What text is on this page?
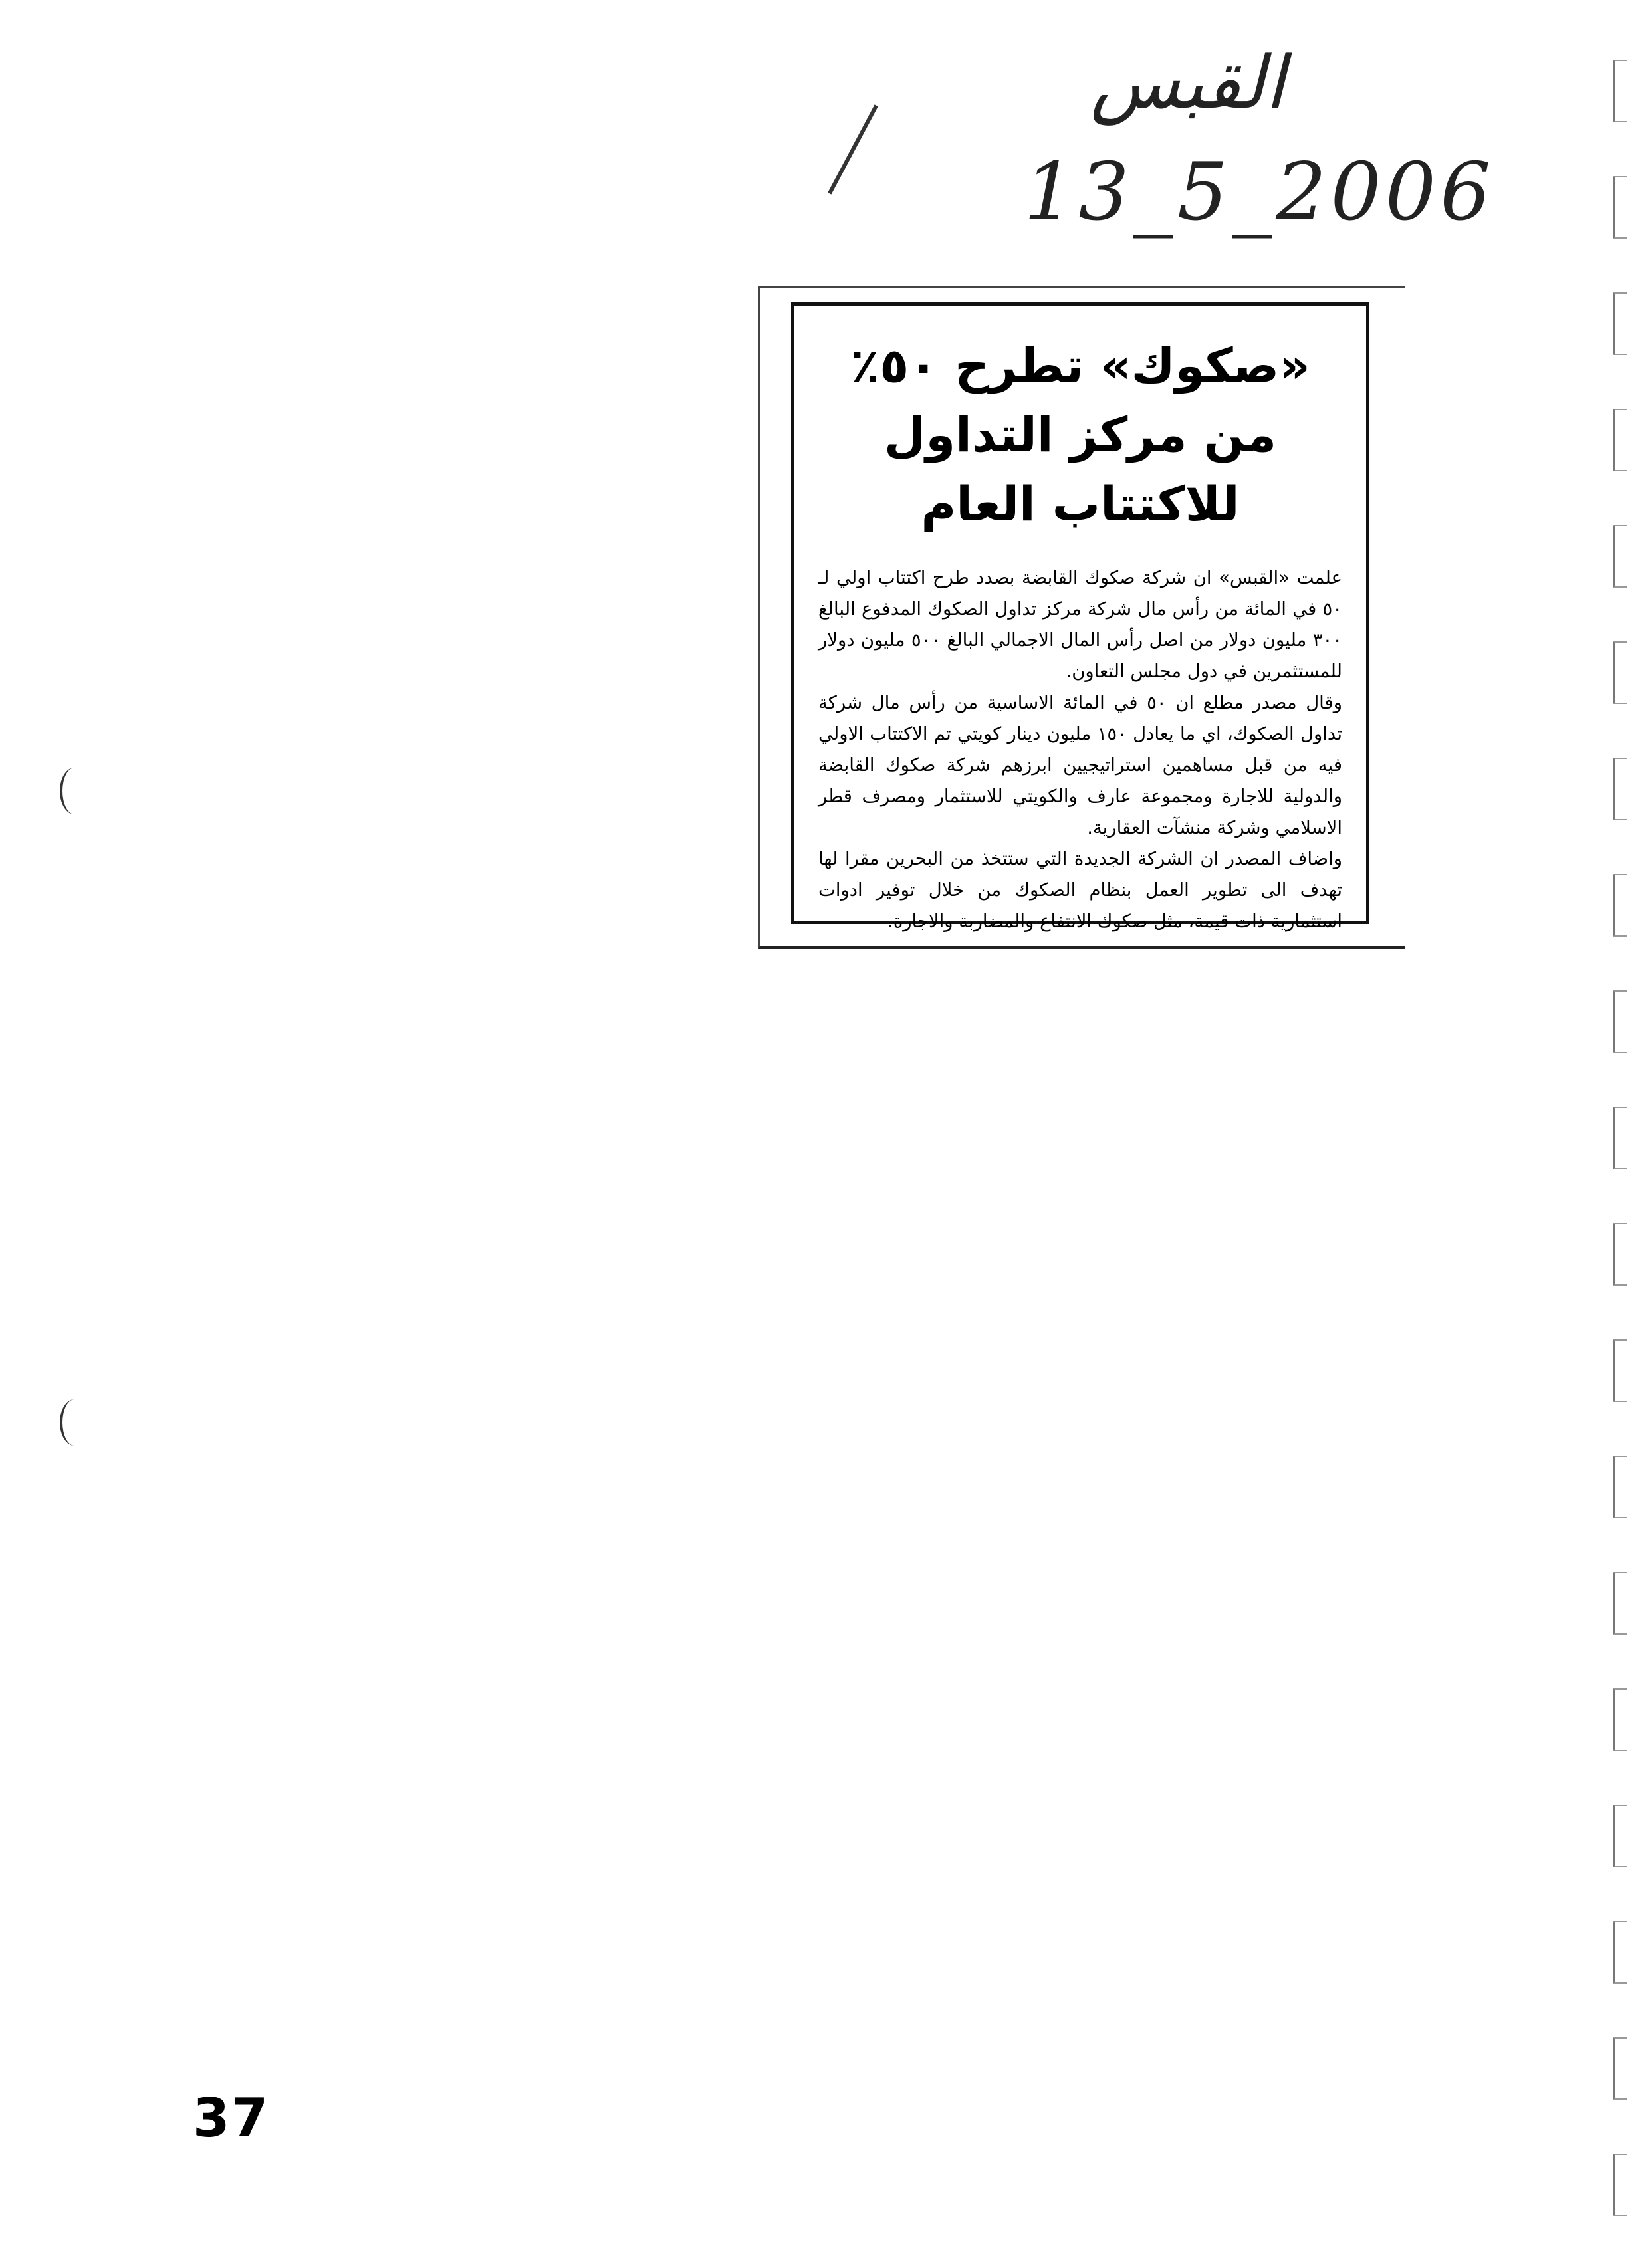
القبس
13_5_2006
«صكوك» تطرح ٥٠٪ من مركز التداول للاكتتاب العام

علمت «القبس» ان شركة صكوك القابضة بصدد طرح اكتتاب اولي لـ ٥٠ في المائة من رأس مال شركة مركز تداول الصكوك المدفوع البالغ ٣٠٠ مليون دولار من اصل رأس المال الاجمالي البالغ ٥٠٠ مليون دولار للمستثمرين في دول مجلس التعاون.

وقال مصدر مطلع ان ٥٠ في المائة الاساسية من رأس مال شركة تداول الصكوك، اي ما يعادل ١٥٠ مليون دينار كويتي تم الاكتتاب الاولي فيه من قبل مساهمين استراتيجيين ابرزهم شركة صكوك القابضة والدولية للاجارة ومجموعة عارف والكويتي للاستثمار ومصرف قطر الاسلامي وشركة منشآت العقارية.

واضاف المصدر ان الشركة الجديدة التي ستتخذ من البحرين مقرا لها تهدف الى تطوير العمل بنظام الصكوك من خلال توفير ادوات استثمارية ذات قيمة، مثل صكوك الانتفاع والمضاربة والاجارة.

37
